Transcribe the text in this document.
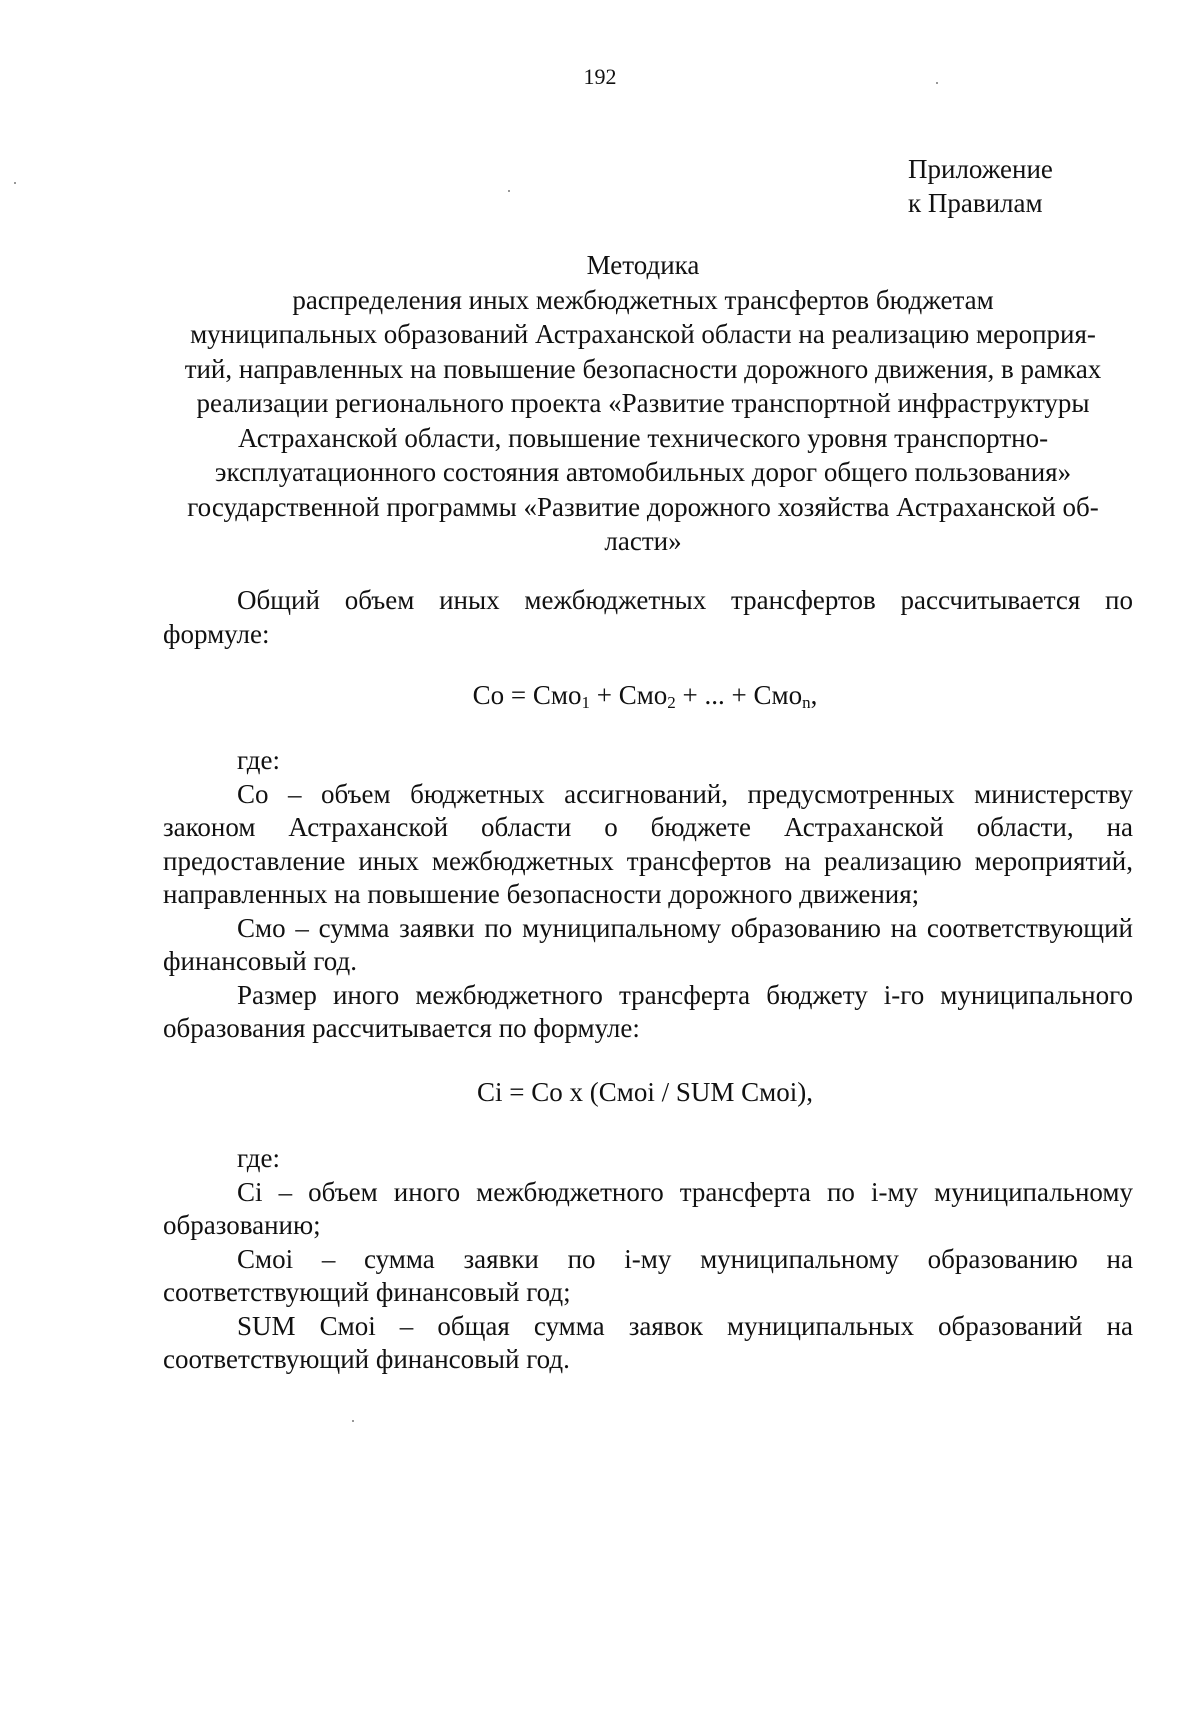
192
Приложение
к Правилам
Методика
распределения иных межбюджетных трансфертов бюджетам
муниципальных образований Астраханской области на реализацию мероприя-
тий, направленных на повышение безопасности дорожного движения, в рамках
реализации регионального проекта «Развитие транспортной инфраструктуры
Астраханской области, повышение технического уровня транспортно-
эксплуатационного состояния автомобильных дорог общего пользования»
государственной программы «Развитие дорожного хозяйства Астраханской об-
ласти»

Общий объем иных межбюджетных трансфертов рассчитывается по формуле:

Со = Смо$_1$ + Смо$_2$ + ... + Смо$_n$,

где:

Со – объем бюджетных ассигнований, предусмотренных министерству законом Астраханской области о бюджете Астраханской области, на предоставление иных межбюджетных трансфертов на реализацию мероприятий, направленных на повышение безопасности дорожного движения;

Смо – сумма заявки по муниципальному образованию на соответствующий финансовый год.

Размер иного межбюджетного трансферта бюджету i-го муниципального образования рассчитывается по формуле:

Ci = Со х (Смоi / SUM Смоi),

где:

Ci – объем иного межбюджетного трансферта по i-му муниципальному образованию;

Смоi – сумма заявки по i-му муниципальному образованию на соответствующий финансовый год;

SUM Смоi – общая сумма заявок муниципальных образований на соответствующий финансовый год.
